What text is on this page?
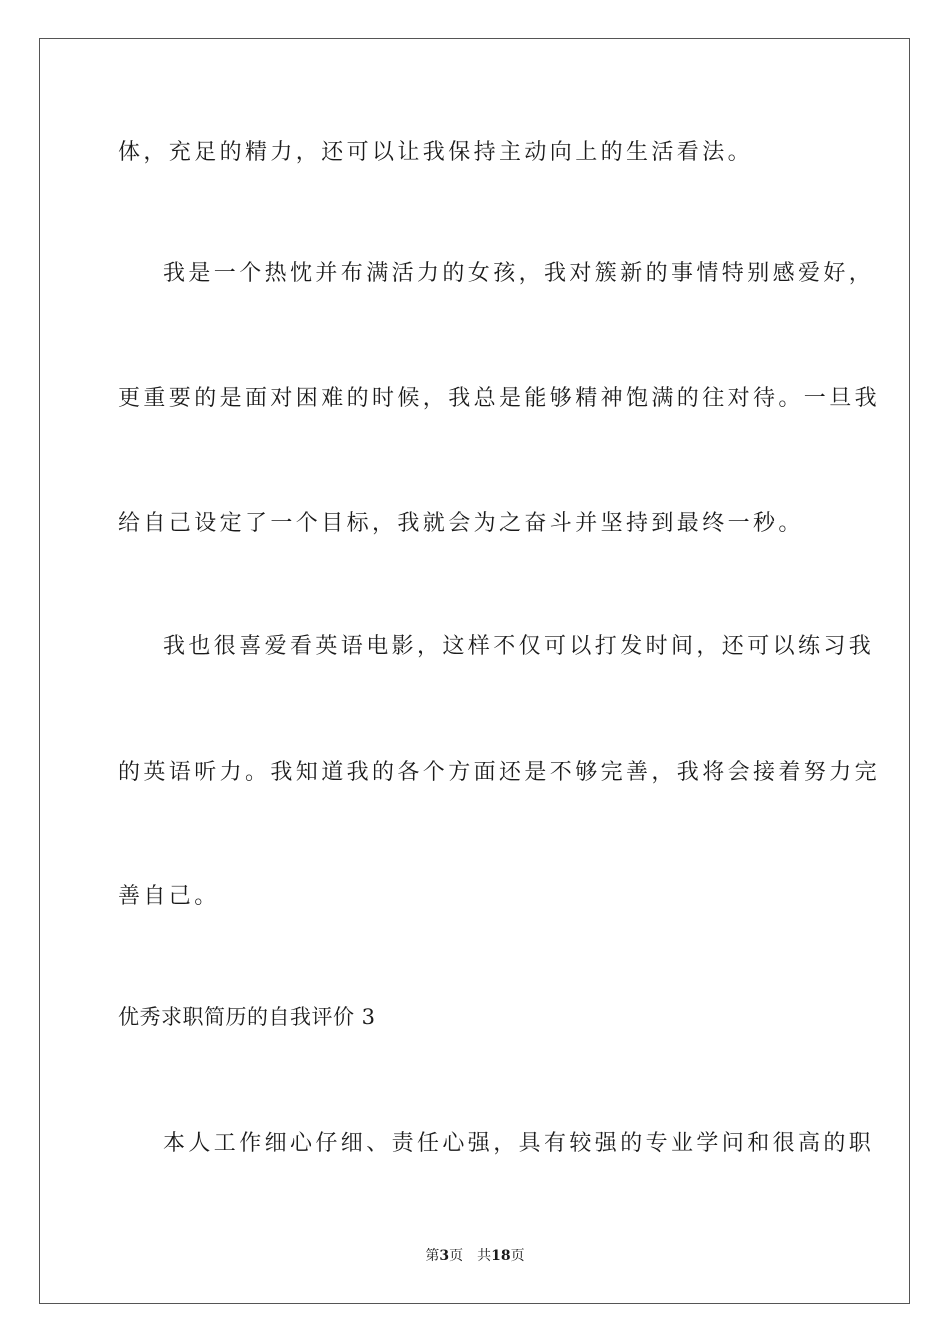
体，充足的精力，还可以让我保持主动向上的生活看法。
我是一个热忱并布满活力的女孩，我对簇新的事情特别感爱好，
更重要的是面对困难的时候，我总是能够精神饱满的往对待。一旦我
给自己设定了一个目标，我就会为之奋斗并坚持到最终一秒。
我也很喜爱看英语电影，这样不仅可以打发时间，还可以练习我
的英语听力。我知道我的各个方面还是不够完善，我将会接着努力完
善自己。
优秀求职简历的自我评价 3
本人工作细心仔细、责任心强，具有较强的专业学问和很高的职
第3页 共18页
